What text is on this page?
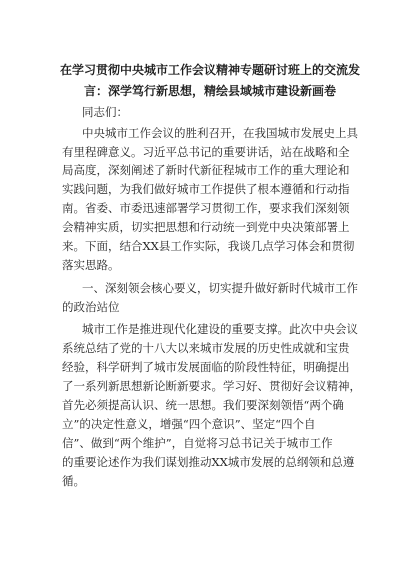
在学习贯彻中央城市工作会议精神专题研讨班上的交流发
言：深学笃行新思想，精绘县域城市建设新画卷
同志们：
中央城市工作会议的胜利召开，在我国城市发展史上具
有里程碑意义。习近平总书记的重要讲话，站在战略和全
局高度，深刻阐述了新时代新征程城市工作的重大理论和
实践问题，为我们做好城市工作提供了根本遵循和行动指
南。省委、市委迅速部署学习贯彻工作，要求我们深刻领
会精神实质，切实把思想和行动统一到党中央决策部署上
来。下面，结合XX县工作实际，我谈几点学习体会和贯彻
落实思路。
一、深刻领会核心要义，切实提升做好新时代城市工作
的政治站位
城市工作是推进现代化建设的重要支撑。此次中央会议
系统总结了党的十八大以来城市发展的历史性成就和宝贵
经验，科学研判了城市发展面临的阶段性特征，明确提出
了一系列新思想新论断新要求。学习好、贯彻好会议精神，
首先必须提高认识、统一思想。我们要深刻领悟“两个确
立”的决定性意义，增强“四个意识”、坚定“四个自
信”、做到“两个维护”，自觉将习总书记关于城市工作
的重要论述作为我们谋划推动XX城市发展的总纲领和总遵
循。
